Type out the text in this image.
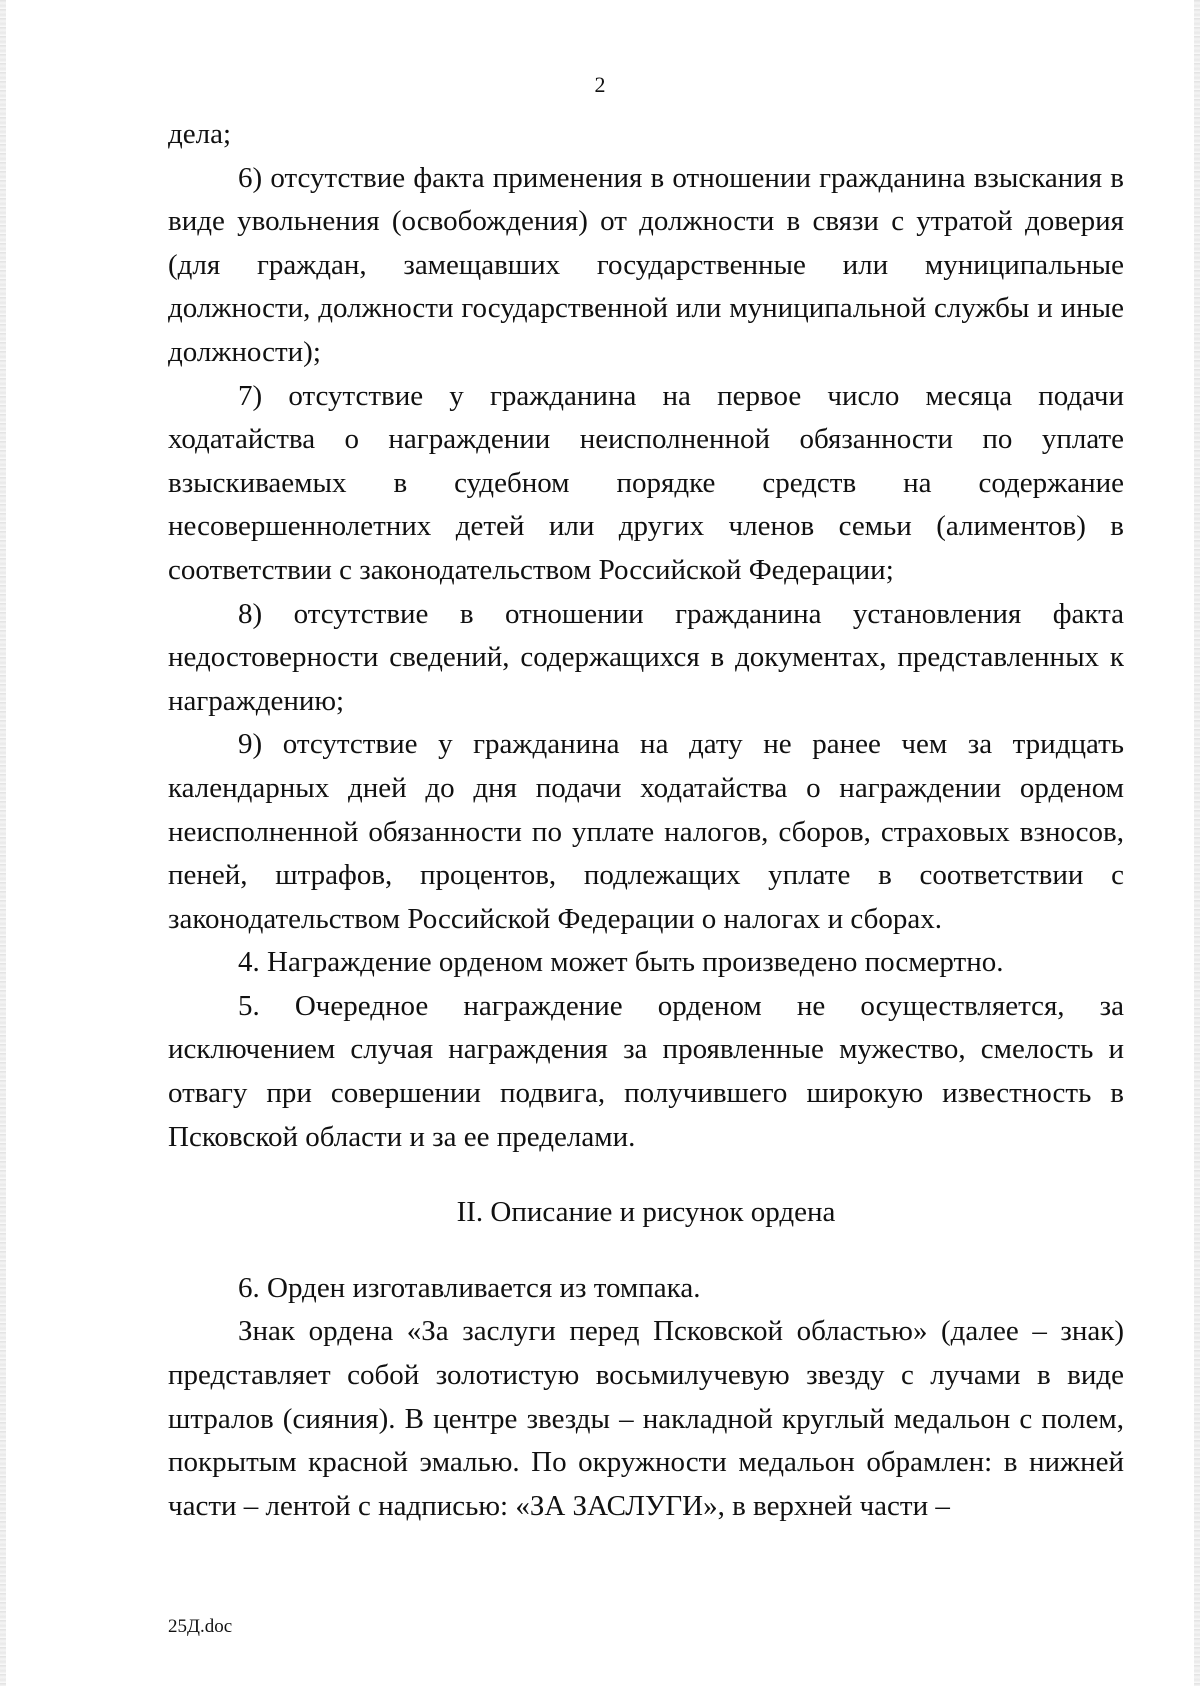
2

дела;

6) отсутствие факта применения в отношении гражданина взыскания в виде увольнения (освобождения) от должности в связи с утратой доверия (для граждан, замещавших государственные или муниципальные должности, должности государственной или муниципальной службы и иные должности);

7) отсутствие у гражданина на первое число месяца подачи ходатайства о награждении неисполненной обязанности по уплате взыскиваемых в судебном порядке средств на содержание несовершеннолетних детей или других членов семьи (алиментов) в соответствии с законодательством Российской Федерации;

8) отсутствие в отношении гражданина установления факта недостоверности сведений, содержащихся в документах, представленных к награждению;

9) отсутствие у гражданина на дату не ранее чем за тридцать календарных дней до дня подачи ходатайства о награждении орденом неисполненной обязанности по уплате налогов, сборов, страховых взносов, пеней, штрафов, процентов, подлежащих уплате в соответствии с законодательством Российской Федерации о налогах и сборах.

4. Награждение орденом может быть произведено посмертно.

5. Очередное награждение орденом не осуществляется, за исключением случая награждения за проявленные мужество, смелость и отвагу при совершении подвига, получившего широкую известность в Псковской области и за ее пределами.

II. Описание и рисунок ордена

6. Орден изготавливается из томпака.

Знак ордена «За заслуги перед Псковской областью» (далее – знак) представляет собой золотистую восьмилучевую звезду с лучами в виде штралов (сияния). В центре звезды – накладной круглый медальон с полем, покрытым красной эмалью. По окружности медальон обрамлен: в нижней части – лентой с надписью: «ЗА ЗАСЛУГИ», в верхней части –

25Д.doc
